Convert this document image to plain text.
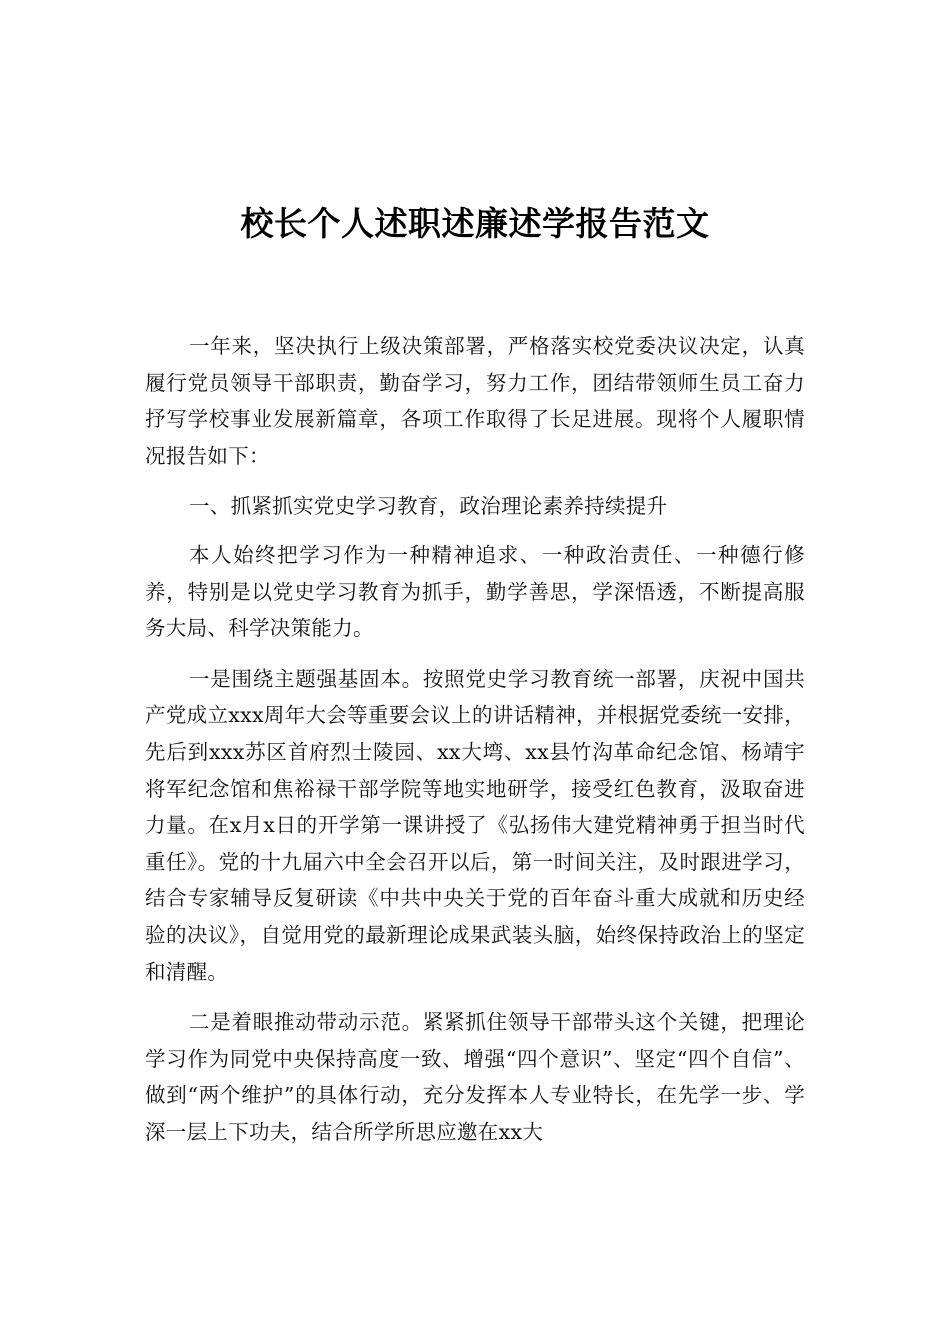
校长个人述职述廉述学报告范文

一年来，坚决执行上级决策部署，严格落实校党委决议决定，认真履行党员领导干部职责，勤奋学习，努力工作，团结带领师生员工奋力抒写学校事业发展新篇章，各项工作取得了长足进展。现将个人履职情况报告如下：

一、抓紧抓实党史学习教育，政治理论素养持续提升

本人始终把学习作为一种精神追求、一种政治责任、一种德行修养，特别是以党史学习教育为抓手，勤学善思，学深悟透，不断提高服务大局、科学决策能力。

一是围绕主题强基固本。按照党史学习教育统一部署，庆祝中国共产党成立xxx周年大会等重要会议上的讲话精神，并根据党委统一安排，先后到xxx苏区首府烈士陵园、xx大塆、xx县竹沟革命纪念馆、杨靖宇将军纪念馆和焦裕禄干部学院等地实地研学，接受红色教育，汲取奋进力量。在x月x日的开学第一课讲授了《弘扬伟大建党精神勇于担当时代重任》。党的十九届六中全会召开以后，第一时间关注，及时跟进学习，结合专家辅导反复研读《中共中央关于党的百年奋斗重大成就和历史经验的决议》，自觉用党的最新理论成果武装头脑，始终保持政治上的坚定和清醒。

二是着眼推动带动示范。紧紧抓住领导干部带头这个关键，把理论学习作为同党中央保持高度一致、增强“四个意识”、坚定“四个自信”、做到“两个维护”的具体行动，充分发挥本人专业特长，在先学一步、学深一层上下功夫，结合所学所思应邀在xx大
